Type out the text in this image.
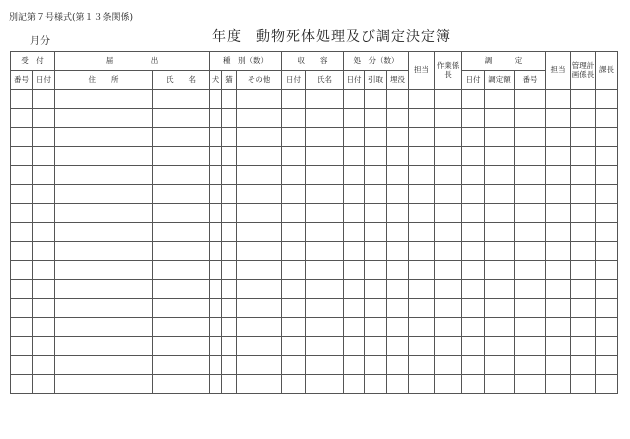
別記第７号様式(第１３条関係)
月分	年度 動物死体処理及び調定決定簿
受　付		届　　　　　出		種　別（数）			収　　容		処　分（数）			担当	作業係長	調　　　定			担当	管理計画係長	課長
番号	日付	住　　所	氏　　名	犬	猫	その他	日付	氏名	日付	引取	埋没			日付	調定額	番号			
